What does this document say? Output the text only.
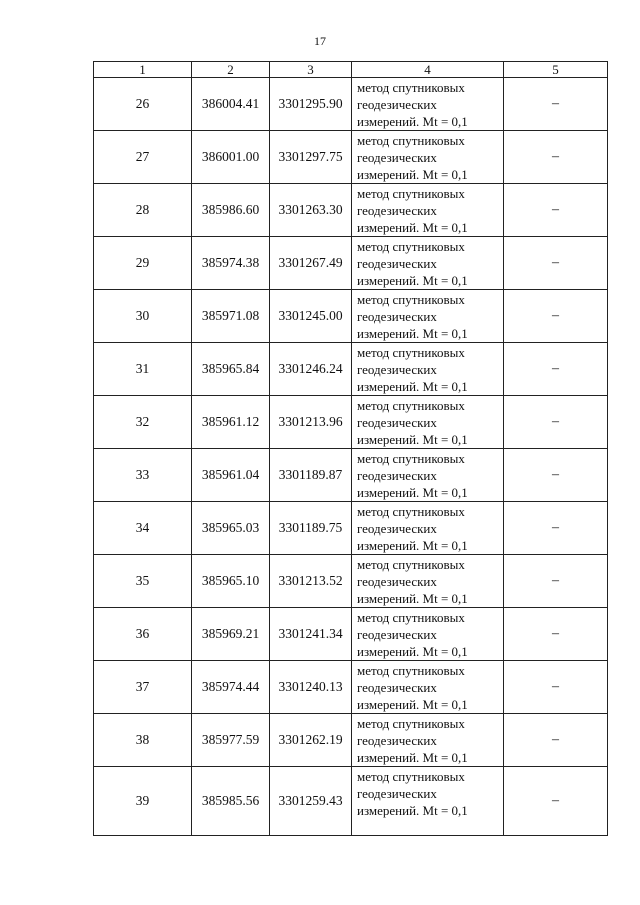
17
1	2	3	4	5
26	386004.41	3301295.90	метод спутниковых
геодезических
измерений. Mt = 0,1	–
27	386001.00	3301297.75	метод спутниковых
геодезических
измерений. Mt = 0,1	–
28	385986.60	3301263.30	метод спутниковых
геодезических
измерений. Mt = 0,1	–
29	385974.38	3301267.49	метод спутниковых
геодезических
измерений. Mt = 0,1	–
30	385971.08	3301245.00	метод спутниковых
геодезических
измерений. Mt = 0,1	–
31	385965.84	3301246.24	метод спутниковых
геодезических
измерений. Mt = 0,1	–
32	385961.12	3301213.96	метод спутниковых
геодезических
измерений. Mt = 0,1	–
33	385961.04	3301189.87	метод спутниковых
геодезических
измерений. Mt = 0,1	–
34	385965.03	3301189.75	метод спутниковых
геодезических
измерений. Mt = 0,1	–
35	385965.10	3301213.52	метод спутниковых
геодезических
измерений. Mt = 0,1	–
36	385969.21	3301241.34	метод спутниковых
геодезических
измерений. Mt = 0,1	–
37	385974.44	3301240.13	метод спутниковых
геодезических
измерений. Mt = 0,1	–
38	385977.59	3301262.19	метод спутниковых
геодезических
измерений. Mt = 0,1	–
39	385985.56	3301259.43	метод спутниковых
геодезических
измерений. Mt = 0,1	–
